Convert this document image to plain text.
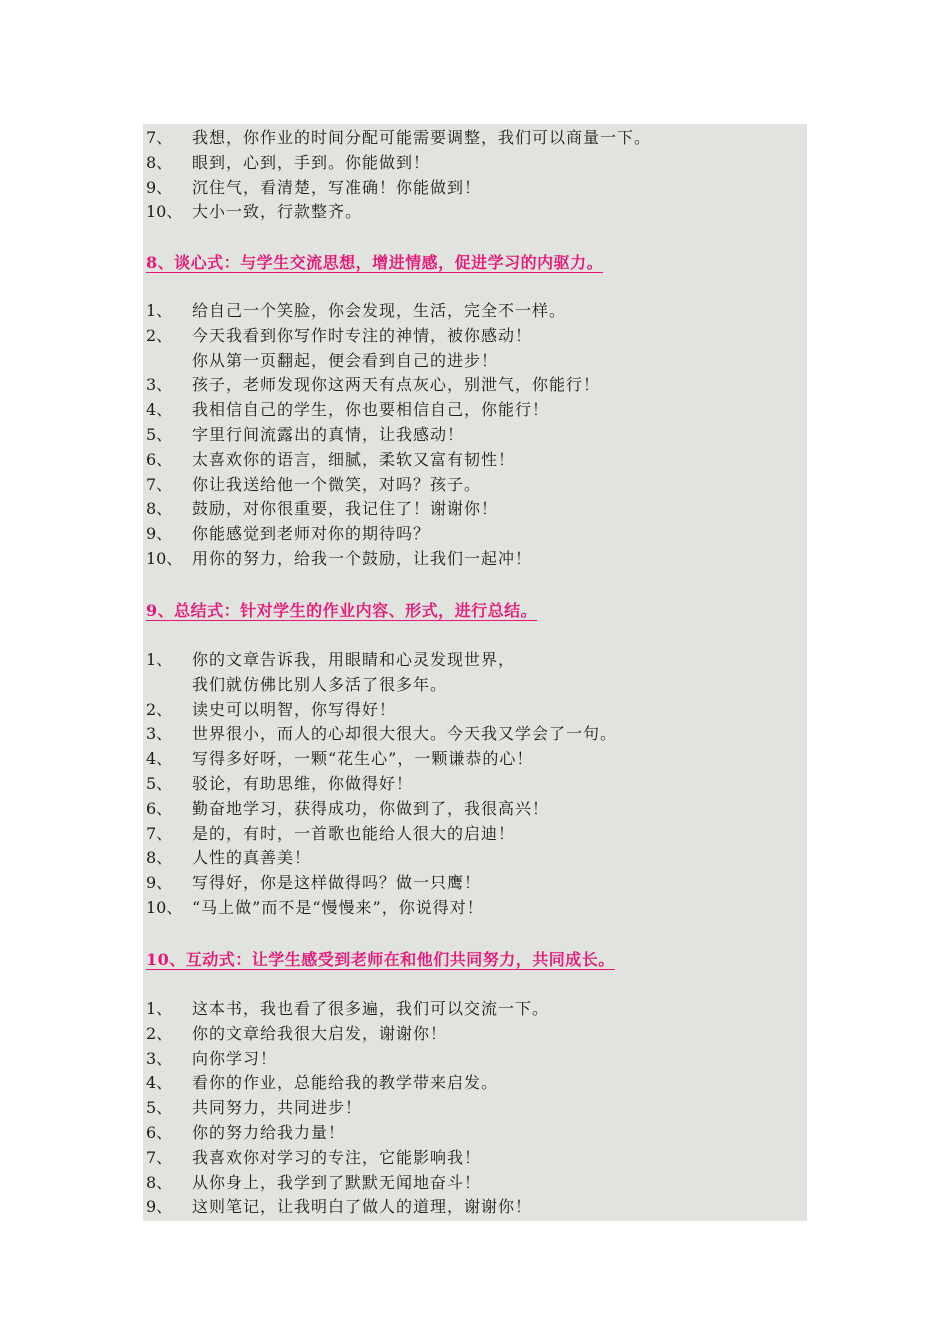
7、 我想，你作业的时间分配可能需要调整，我们可以商量一下。
8、 眼到，心到，手到。你能做到！
9、 沉住气，看清楚，写准确！你能做到！
10、 大小一致，行款整齐。
8、谈心式：与学生交流思想，增进情感，促进学习的内驱力。
1、 给自己一个笑脸，你会发现，生活，完全不一样。
2、 今天我看到你写作时专注的神情，被你感动！
你从第一页翻起，便会看到自己的进步！
3、 孩子，老师发现你这两天有点灰心，别泄气，你能行！
4、 我相信自己的学生，你也要相信自己，你能行！
5、 字里行间流露出的真情，让我感动！
6、 太喜欢你的语言，细腻，柔软又富有韧性！
7、 你让我送给他一个微笑，对吗？孩子。
8、 鼓励，对你很重要，我记住了！谢谢你！
9、 你能感觉到老师对你的期待吗？
10、 用你的努力，给我一个鼓励，让我们一起冲！
9、总结式：针对学生的作业内容、形式，进行总结。
1、 你的文章告诉我，用眼睛和心灵发现世界，
我们就仿佛比别人多活了很多年。
2、 读史可以明智，你写得好！
3、 世界很小，而人的心却很大很大。今天我又学会了一句。
4、 写得多好呀，一颗“花生心”，一颗谦恭的心！
5、 驳论，有助思维，你做得好！
6、 勤奋地学习，获得成功，你做到了，我很高兴！
7、 是的，有时，一首歌也能给人很大的启迪！
8、 人性的真善美！
9、 写得好，你是这样做得吗？做一只鹰！
10、 “马上做”而不是“慢慢来”，你说得对！
10、互动式：让学生感受到老师在和他们共同努力，共同成长。
1、 这本书，我也看了很多遍，我们可以交流一下。
2、 你的文章给我很大启发，谢谢你！
3、 向你学习！
4、 看你的作业，总能给我的教学带来启发。
5、 共同努力，共同进步！
6、 你的努力给我力量！
7、 我喜欢你对学习的专注，它能影响我！
8、 从你身上，我学到了默默无闻地奋斗！
9、 这则笔记，让我明白了做人的道理，谢谢你！
